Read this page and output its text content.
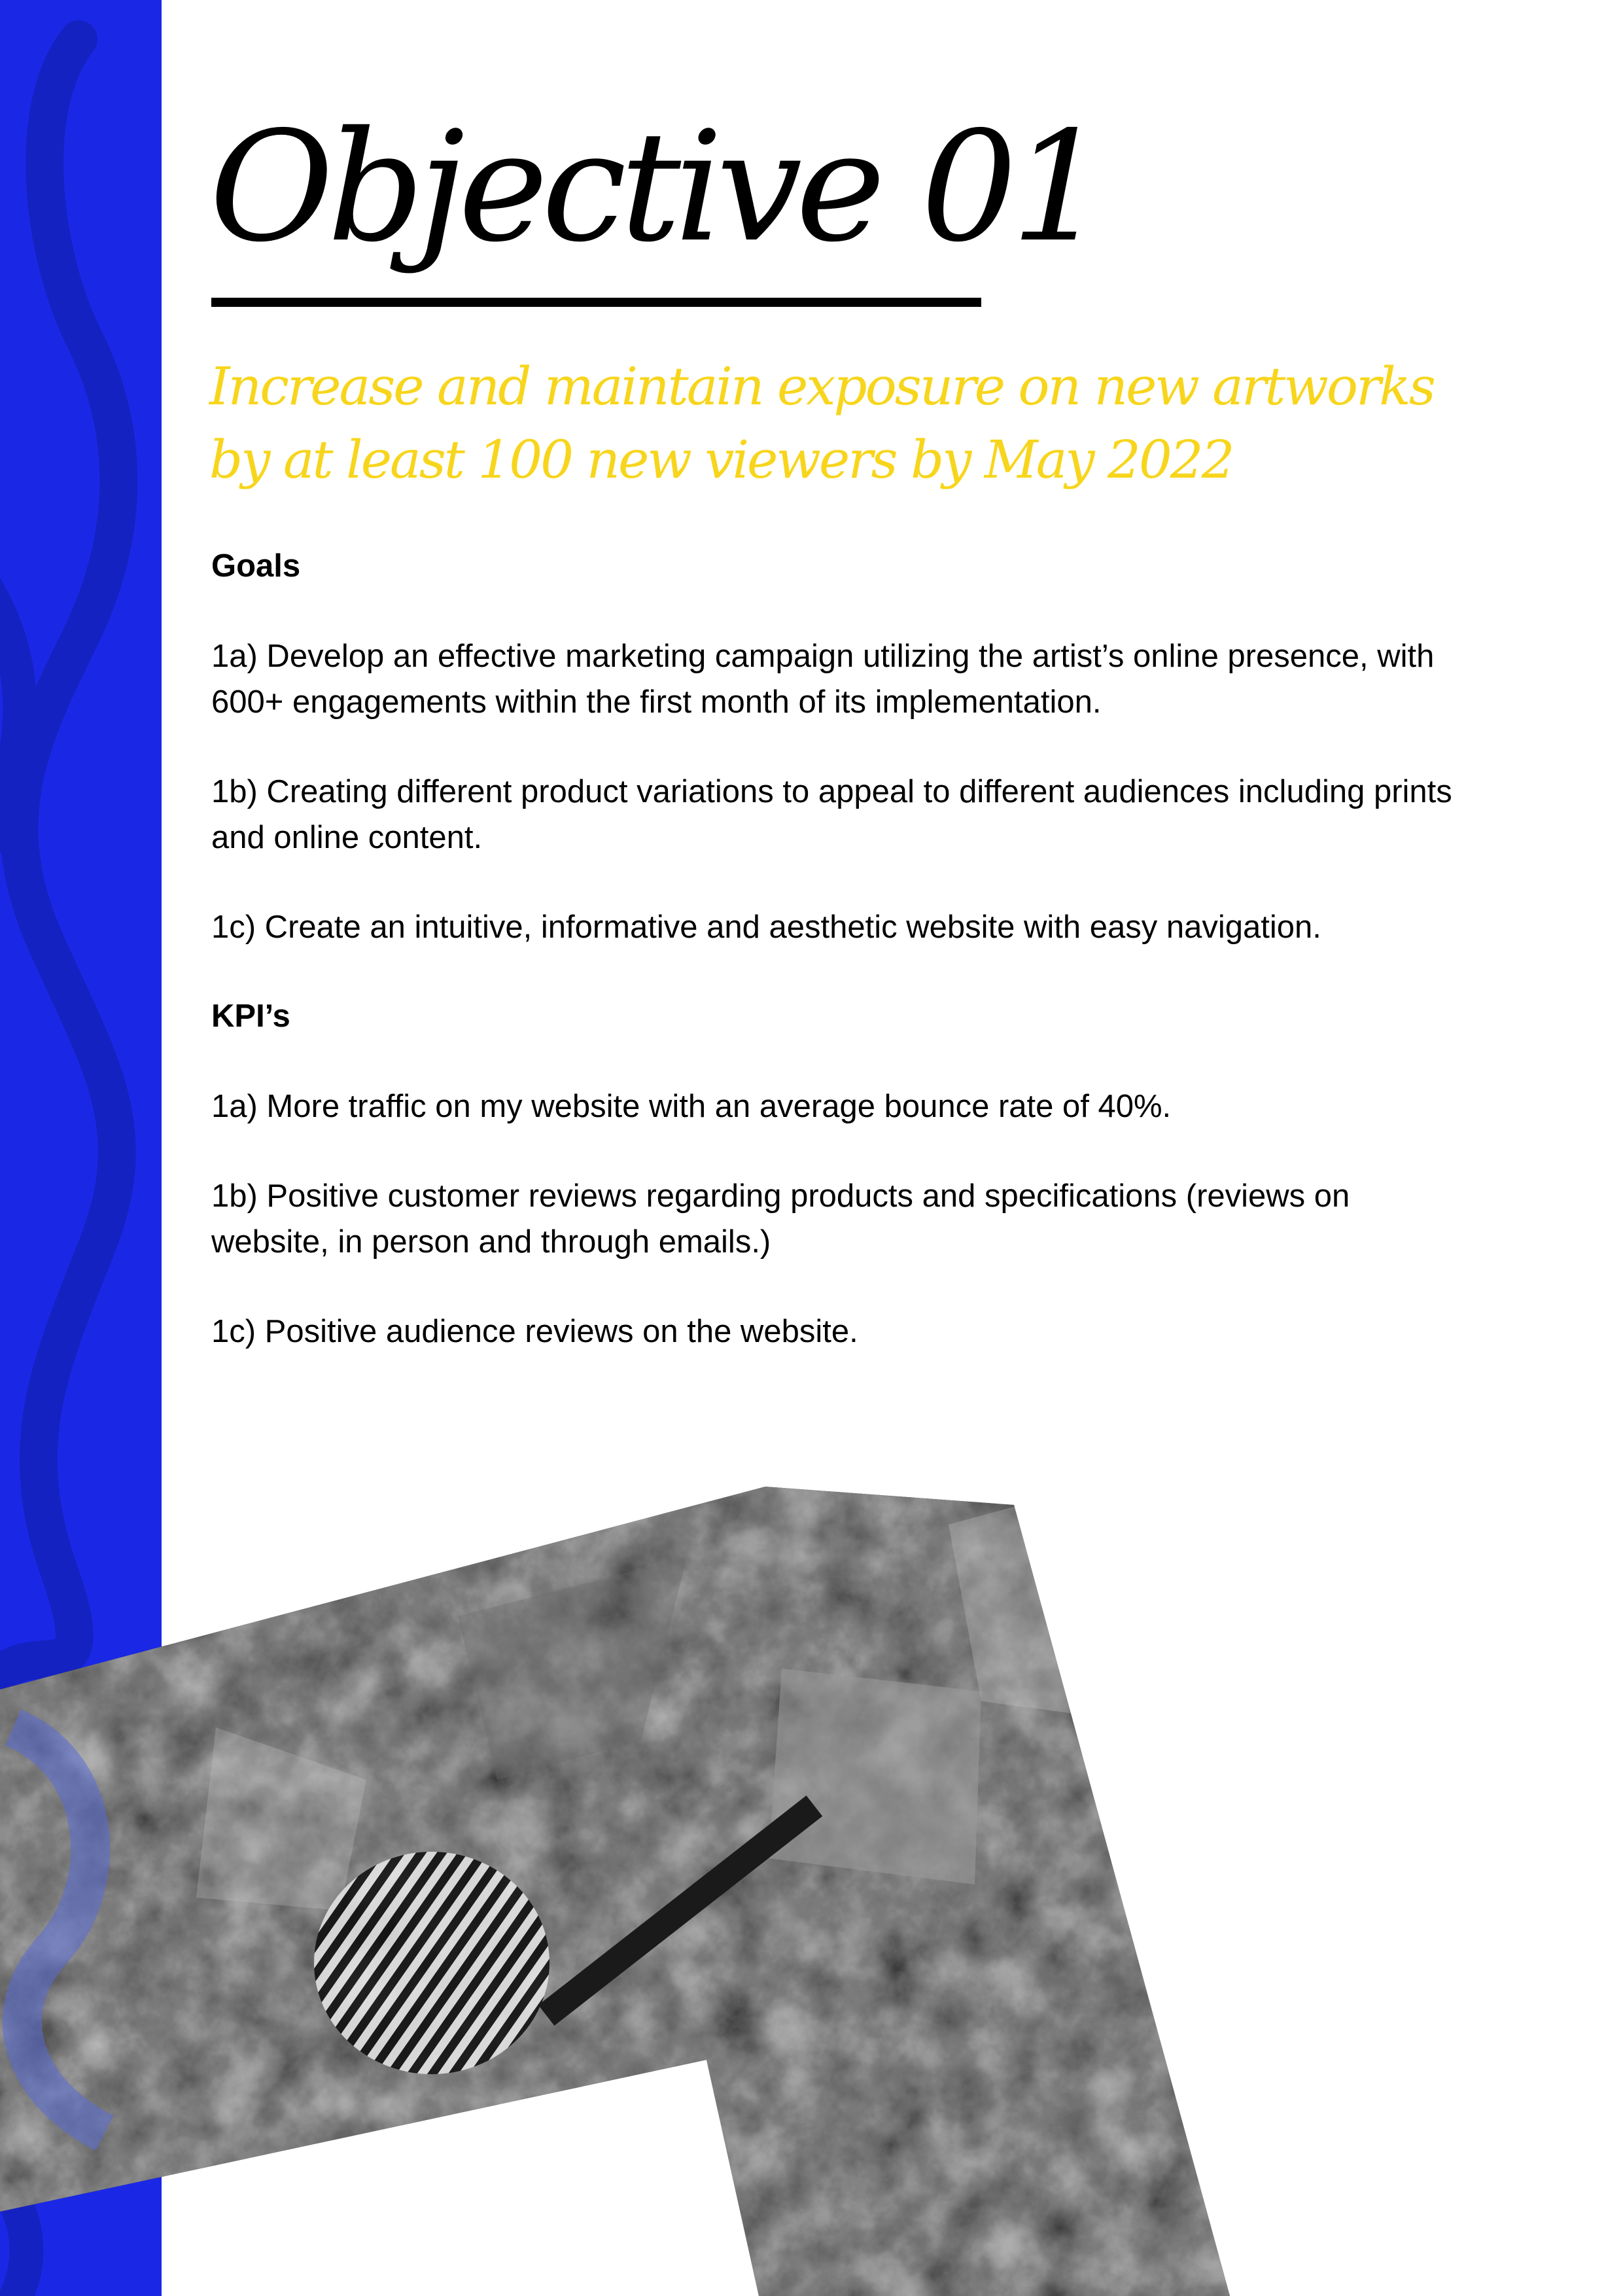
Objective 01

Increase and maintain exposure on new artworks by at least 100 new viewers by May 2022

Goals

1a) Develop an effective marketing campaign utilizing the artist’s online presence, with 600+ engagements within the first month of its implementation.

1b) Creating different product variations to appeal to different audiences including prints and online content.

1c) Create an intuitive, informative and aesthetic website with easy navigation.

KPI’s

1a) More traffic on my website with an average bounce rate of 40%.

1b) Positive customer reviews regarding products and specifications (reviews on website, in person and through emails.)

1c) Positive audience reviews on the website.
